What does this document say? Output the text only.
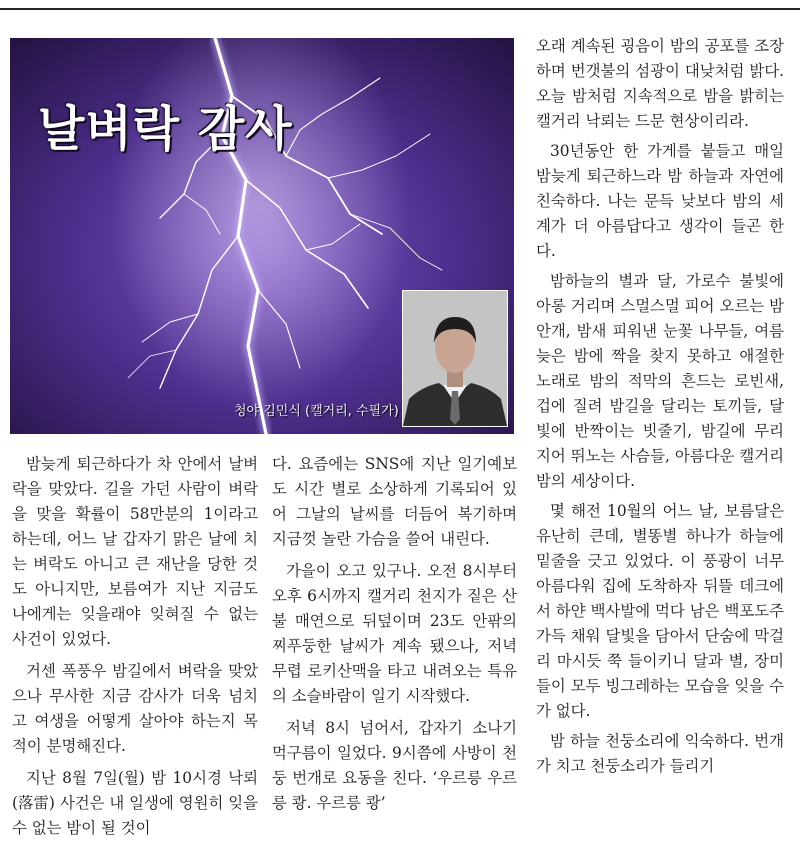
날벼락 감사
청야 김민식 (캘거리, 수필가)

밤늦게 퇴근하다가 차 안에서 날벼락을 맞았다. 길을 가던 사람이 벼락을 맞을 확률이 58만분의 1이라고 하는데, 어느 날 갑자기 맑은 날에 치는 벼락도 아니고 큰 재난을 당한 것도 아니지만, 보름여가 지난 지금도 나에게는 잊을래야 잊혀질 수 없는 사건이 있었다.

거센 폭풍우 밤길에서 벼락을 맞았으나 무사한 지금 감사가 더욱 넘치고 여생을 어떻게 살아야 하는지 목적이 분명해진다.

지난 8월 7일(월) 밤 10시경 낙뢰(落雷) 사건은 내 일생에 영원히 잊을 수 없는 밤이 될 것이

다. 요즘에는 SNS에 지난 일기예보도 시간 별로 소상하게 기록되어 있어 그날의 날씨를 더듬어 복기하며 지금껏 놀란 가슴을 쓸어 내린다.

가을이 오고 있구나. 오전 8시부터 오후 6시까지 캘거리 천지가 짙은 산불 매연으로 뒤덮이며 23도 안팎의 찌푸둥한 날씨가 계속 됐으나, 저녁 무렵 로키산맥을 타고 내려오는 특유의 소슬바람이 일기 시작했다.

저녁 8시 넘어서, 갑자기 소나기 먹구름이 일었다. 9시쯤에 사방이 천둥 번개로 요동을 친다. ‘우르릉 우르릉 쾅. 우르릉 쾅’

오래 계속된 굉음이 밤의 공포를 조장하며 번갯불의 섬광이 대낮처럼 밝다. 오늘 밤처럼 지속적으로 밤을 밝히는 캘거리 낙뢰는 드문 현상이리라.

30년동안 한 가게를 붙들고 매일 밤늦게 퇴근하느라 밤 하늘과 자연에 친숙하다. 나는 문득 낮보다 밤의 세계가 더 아름답다고 생각이 들곤 한다.

밤하늘의 별과 달, 가로수 불빛에 아롱 거리며 스멀스멀 피어 오르는 밤 안개, 밤새 피워낸 눈꽃 나무들, 여름 늦은 밤에 짝을 찾지 못하고 애절한 노래로 밤의 적막의 흔드는 로빈새, 겁에 질려 밤길을 달리는 토끼들, 달빛에 반짝이는 빗줄기, 밤길에 무리 지어 뛰노는 사슴들, 아름다운 캘거리 밤의 세상이다.

몇 해전 10월의 어느 날, 보름달은 유난히 큰데, 별똥별 하나가 하늘에 밑줄을 긋고 있었다. 이 풍광이 너무 아름다워 집에 도착하자 뒤뜰 데크에서 하얀 백사발에 먹다 남은 백포도주 가득 채워 달빛을 담아서 단숨에 막걸리 마시듯 쭉 들이키니 달과 별, 장미들이 모두 빙그레하는 모습을 잊을 수가 없다.

밤 하늘 천둥소리에 익숙하다. 번개가 치고 천둥소리가 들리기
